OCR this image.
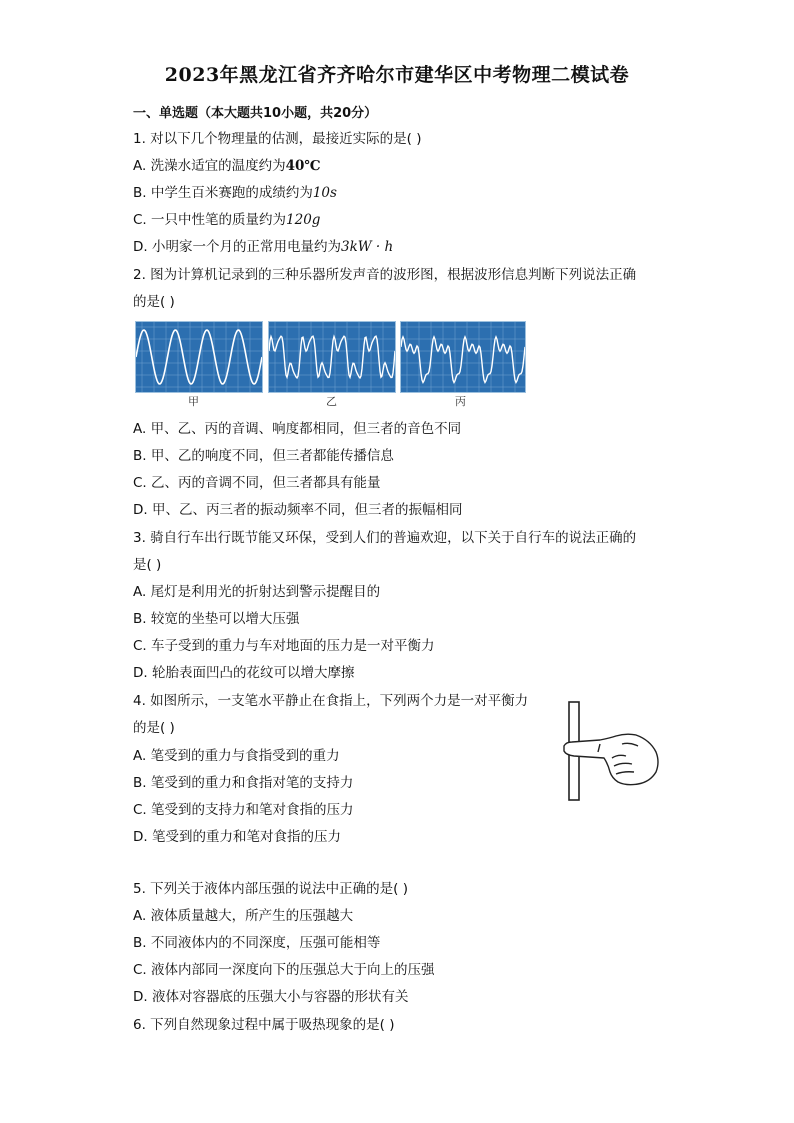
2023年黑龙江省齐齐哈尔市建华区中考物理二模试卷
一、单选题（本大题共10小题，共20分）
1. 对以下几个物理量的估测，最接近实际的是( )
A. 洗澡水适宜的温度约为40℃
B. 中学生百米赛跑的成绩约为10s
C. 一只中性笔的质量约为120g
D. 小明家一个月的正常用电量约为3kW · h
2. 图为计算机记录到的三种乐器所发声音的波形图，根据波形信息判断下列说法正确
的是( )
甲	乙	丙
A. 甲、乙、丙的音调、响度都相同，但三者的音色不同
B. 甲、乙的响度不同，但三者都能传播信息
C. 乙、丙的音调不同，但三者都具有能量
D. 甲、乙、丙三者的振动频率不同，但三者的振幅相同
3. 骑自行车出行既节能又环保，受到人们的普遍欢迎，以下关于自行车的说法正确的
是( )
A. 尾灯是利用光的折射达到警示提醒目的
B. 较宽的坐垫可以增大压强
C. 车子受到的重力与车对地面的压力是一对平衡力
D. 轮胎表面凹凸的花纹可以增大摩擦
4. 如图所示，一支笔水平静止在食指上，下列两个力是一对平衡力
的是( )
A. 笔受到的重力与食指受到的重力
B. 笔受到的重力和食指对笔的支持力
C. 笔受到的支持力和笔对食指的压力
D. 笔受到的重力和笔对食指的压力
5. 下列关于液体内部压强的说法中正确的是( )
A. 液体质量越大，所产生的压强越大
B. 不同液体内的不同深度，压强可能相等
C. 液体内部同一深度向下的压强总大于向上的压强
D. 液体对容器底的压强大小与容器的形状有关
6. 下列自然现象过程中属于吸热现象的是( )
